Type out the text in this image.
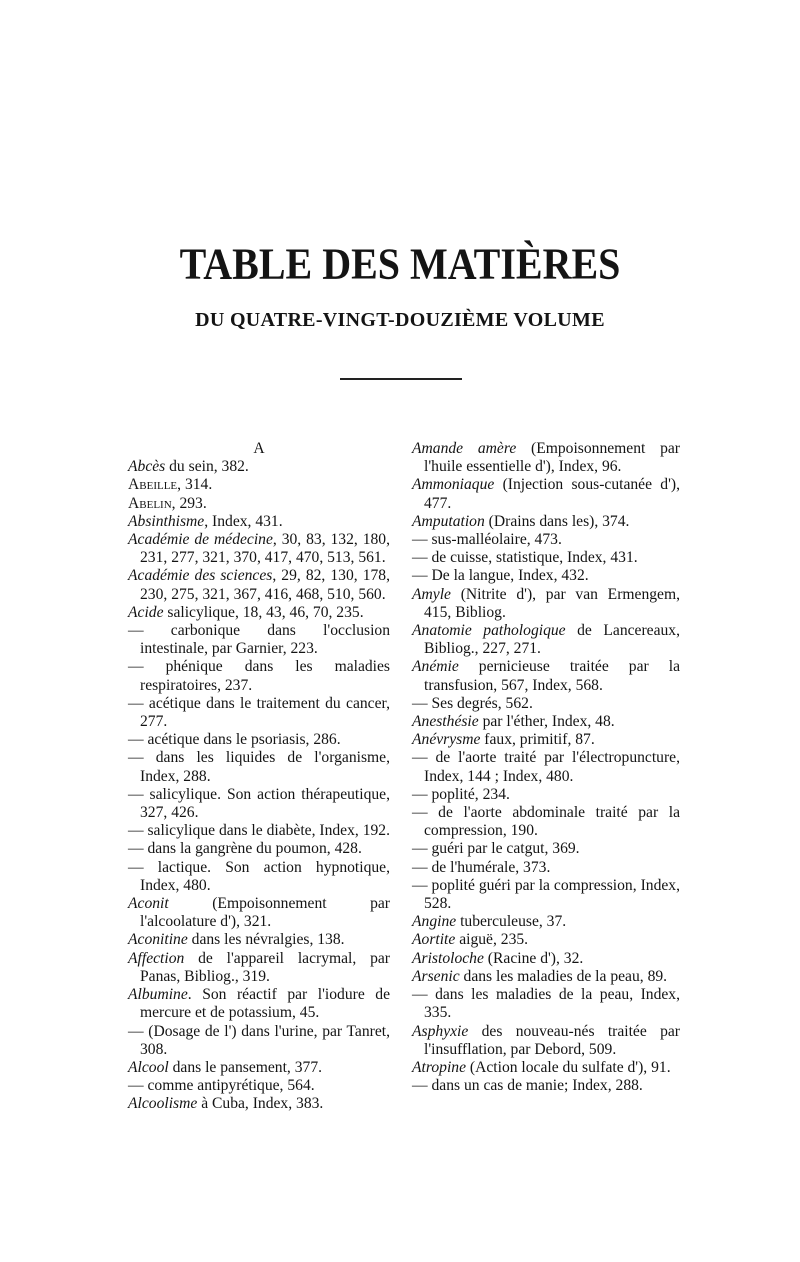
TABLE DES MATIÈRES
DU QUATRE-VINGT-DOUZIÈME VOLUME
A
Abcès du sein, 382.
Abeille, 314.
Abelin, 293.
Absinthisme, Index, 431.
Académie de médecine, 30, 83, 132, 180, 231, 277, 321, 370, 417, 470, 513, 561.
Académie des sciences, 29, 82, 130, 178, 230, 275, 321, 367, 416, 468, 510, 560.
Acide salicylique, 18, 43, 46, 70, 235.
— carbonique dans l'occlusion intestinale, par Garnier, 223.
— phénique dans les maladies respiratoires, 237.
— acétique dans le traitement du cancer, 277.
— acétique dans le psoriasis, 286.
— dans les liquides de l'organisme, Index, 288.
— salicylique. Son action thérapeutique, 327, 426.
— salicylique dans le diabète, Index, 192.
— dans la gangrène du poumon, 428.
— lactique. Son action hypnotique, Index, 480.
Aconit (Empoisonnement par l'alcoolature d'), 321.
Aconitine dans les névralgies, 138.
Affection de l'appareil lacrymal, par Panas, Bibliog., 319.
Albumine. Son réactif par l'iodure de mercure et de potassium, 45.
— (Dosage de l') dans l'urine, par Tanret, 308.
Alcool dans le pansement, 377.
— comme antipyrétique, 564.
Alcoolisme à Cuba, Index, 383.
Amande amère (Empoisonnement par l'huile essentielle d'), Index, 96.
Ammoniaque (Injection sous-cutanée d'), 477.
Amputation (Drains dans les), 374.
— sus-malléolaire, 473.
— de cuisse, statistique, Index, 431.
— De la langue, Index, 432.
Amyle (Nitrite d'), par van Ermengem, 415, Bibliog.
Anatomie pathologique de Lancereaux, Bibliog., 227, 271.
Anémie pernicieuse traitée par la transfusion, 567, Index, 568.
— Ses degrés, 562.
Anesthésie par l'éther, Index, 48.
Anévrysme faux, primitif, 87.
— de l'aorte traité par l'électropuncture, Index, 144 ; Index, 480.
— poplité, 234.
— de l'aorte abdominale traité par la compression, 190.
— guéri par le catgut, 369.
— de l'humérale, 373.
— poplité guéri par la compression, Index, 528.
Angine tuberculeuse, 37.
Aortite aiguë, 235.
Aristoloche (Racine d'), 32.
Arsenic dans les maladies de la peau, 89.
— dans les maladies de la peau, Index, 335.
Asphyxie des nouveau-nés traitée par l'insufflation, par Debord, 509.
Atropine (Action locale du sulfate d'), 91.
— dans un cas de manie; Index, 288.
